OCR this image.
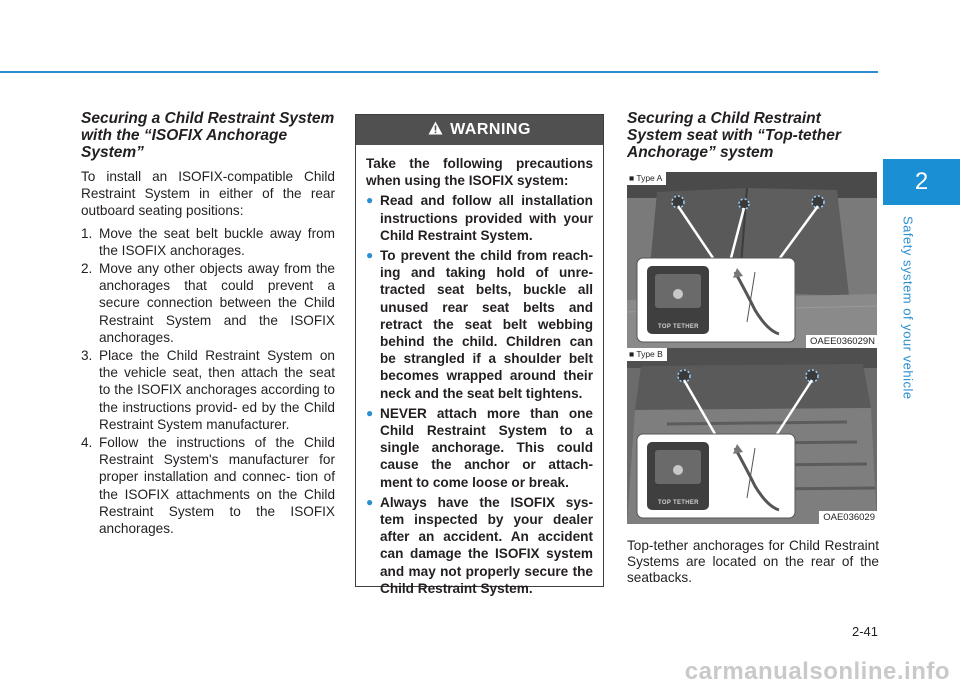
2
Safety system of your vehicle
Securing a Child Restraint System with the “ISOFIX Anchorage System”

To install an ISOFIX-compatible Child Restraint System in either of the rear outboard seating positions:

1. Move the seat belt buckle away from the ISOFIX anchorages.
2. Move any other objects away from the anchorages that could prevent a secure connection between the Child Restraint System and the ISOFIX anchorages.
3. Place the Child Restraint System on the vehicle seat, then attach the seat to the ISOFIX anchorages according to the instructions provid- ed by the Child Restraint System manufacturer.
4. Follow the instructions of the Child Restraint System's manufacturer for proper installation and connec- tion of the ISOFIX attachments on the Child Restraint System to the ISOFIX anchorages.
WARNING

Take the following precautions when using the ISOFIX system:

● Read and follow all installation instructions provided with your Child Restraint System.
● To prevent the child from reach- ing and taking hold of unre- tracted seat belts, buckle all unused rear seat belts and retract the seat belt webbing behind the child. Children can be strangled if a shoulder belt becomes wrapped around their neck and the seat belt tightens.
● NEVER attach more than one Child Restraint System to a single anchorage. This could cause the anchor or attach- ment to come loose or break.
● Always have the ISOFIX sys- tem inspected by your dealer after an accident. An accident can damage the ISOFIX system and may not properly secure the Child Restraint System.
Securing a Child Restraint System seat with “Top-tether Anchorage” system
■ Type A
TOP TETHER
OAEE036029N
■ Type B
TOP TETHER
OAE036029

Top-tether anchorages for Child Restraint Systems are located on the rear of the seatbacks.

2-41
carmanualsonline.info
